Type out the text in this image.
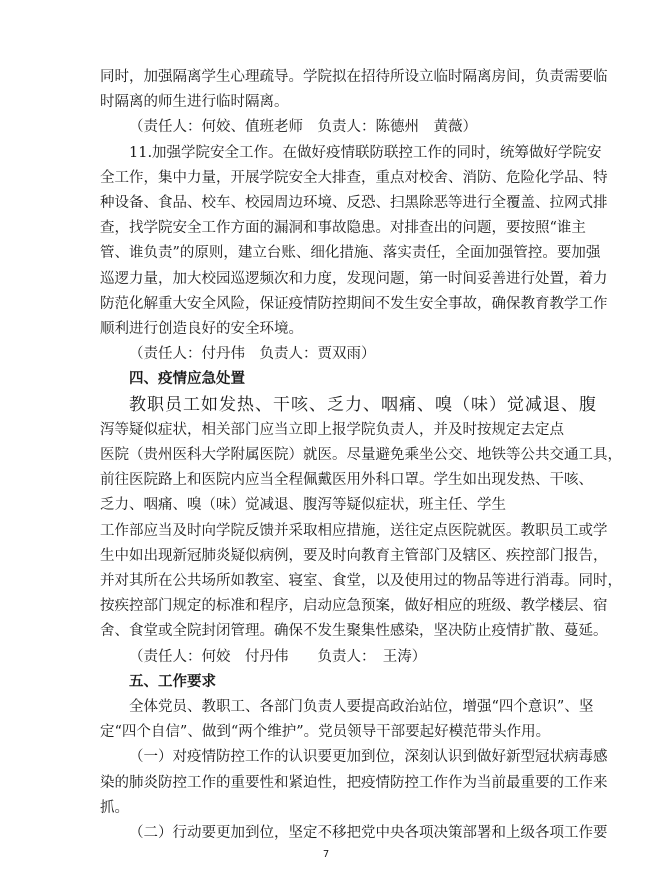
同时，加强隔离学生心理疏导。学院拟在招待所设立临时隔离房间，负责需要临
时隔离的师生进行临时隔离。
（责任人：何姣、值班老师　负责人：陈德州　黄薇）
11.加强学院安全工作。在做好疫情联防联控工作的同时，统筹做好学院安
全工作，集中力量，开展学院安全大排查，重点对校舍、消防、危险化学品、特
种设备、食品、校车、校园周边环境、反恐、扫黑除恶等进行全覆盖、拉网式排
查，找学院安全工作方面的漏洞和事故隐患。对排查出的问题，要按照“谁主
管、谁负责”的原则，建立台账、细化措施、落实责任，全面加强管控。要加强
巡逻力量，加大校园巡逻频次和力度，发现问题，第一时间妥善进行处置，着力
防范化解重大安全风险，保证疫情防控期间不发生安全事故，确保教育教学工作
顺利进行创造良好的安全环境。
（责任人：付丹伟　负责人：贾双雨）
四、疫情应急处置
教职员工如发热、干咳、乏力、咽痛、嗅（味）觉减退、腹
泻等疑似症状，相关部门应当立即上报学院负责人，并及时按规定去定点
医院（贵州医科大学附属医院）就医。尽量避免乘坐公交、地铁等公共交通工具，
前往医院路上和医院内应当全程佩戴医用外科口罩。学生如出现发热、干咳、
乏力、咽痛、嗅（味）觉减退、腹泻等疑似症状，班主任、学生
工作部应当及时向学院反馈并采取相应措施，送往定点医院就医。教职员工或学
生中如出现新冠肺炎疑似病例，要及时向教育主管部门及辖区、疾控部门报告，
并对其所在公共场所如教室、寝室、食堂，以及使用过的物品等进行消毒。同时，
按疾控部门规定的标准和程序，启动应急预案，做好相应的班级、教学楼层、宿
舍、食堂或全院封闭管理。确保不发生聚集性感染，坚决防止疫情扩散、蔓延。
（责任人：何姣　付丹伟　　负责人：　王涛）
五、工作要求
全体党员、教职工、各部门负责人要提高政治站位，增强“四个意识”、坚
定“四个自信”、做到“两个维护”。党员领导干部要起好模范带头作用。
7
（一）对疫情防控工作的认识要更加到位，深刻认识到做好新型冠状病毒感
染的肺炎防控工作的重要性和紧迫性，把疫情防控工作作为当前最重要的工作来
抓。
（二）行动要更加到位，坚定不移把党中央各项决策部署和上级各项工作要
